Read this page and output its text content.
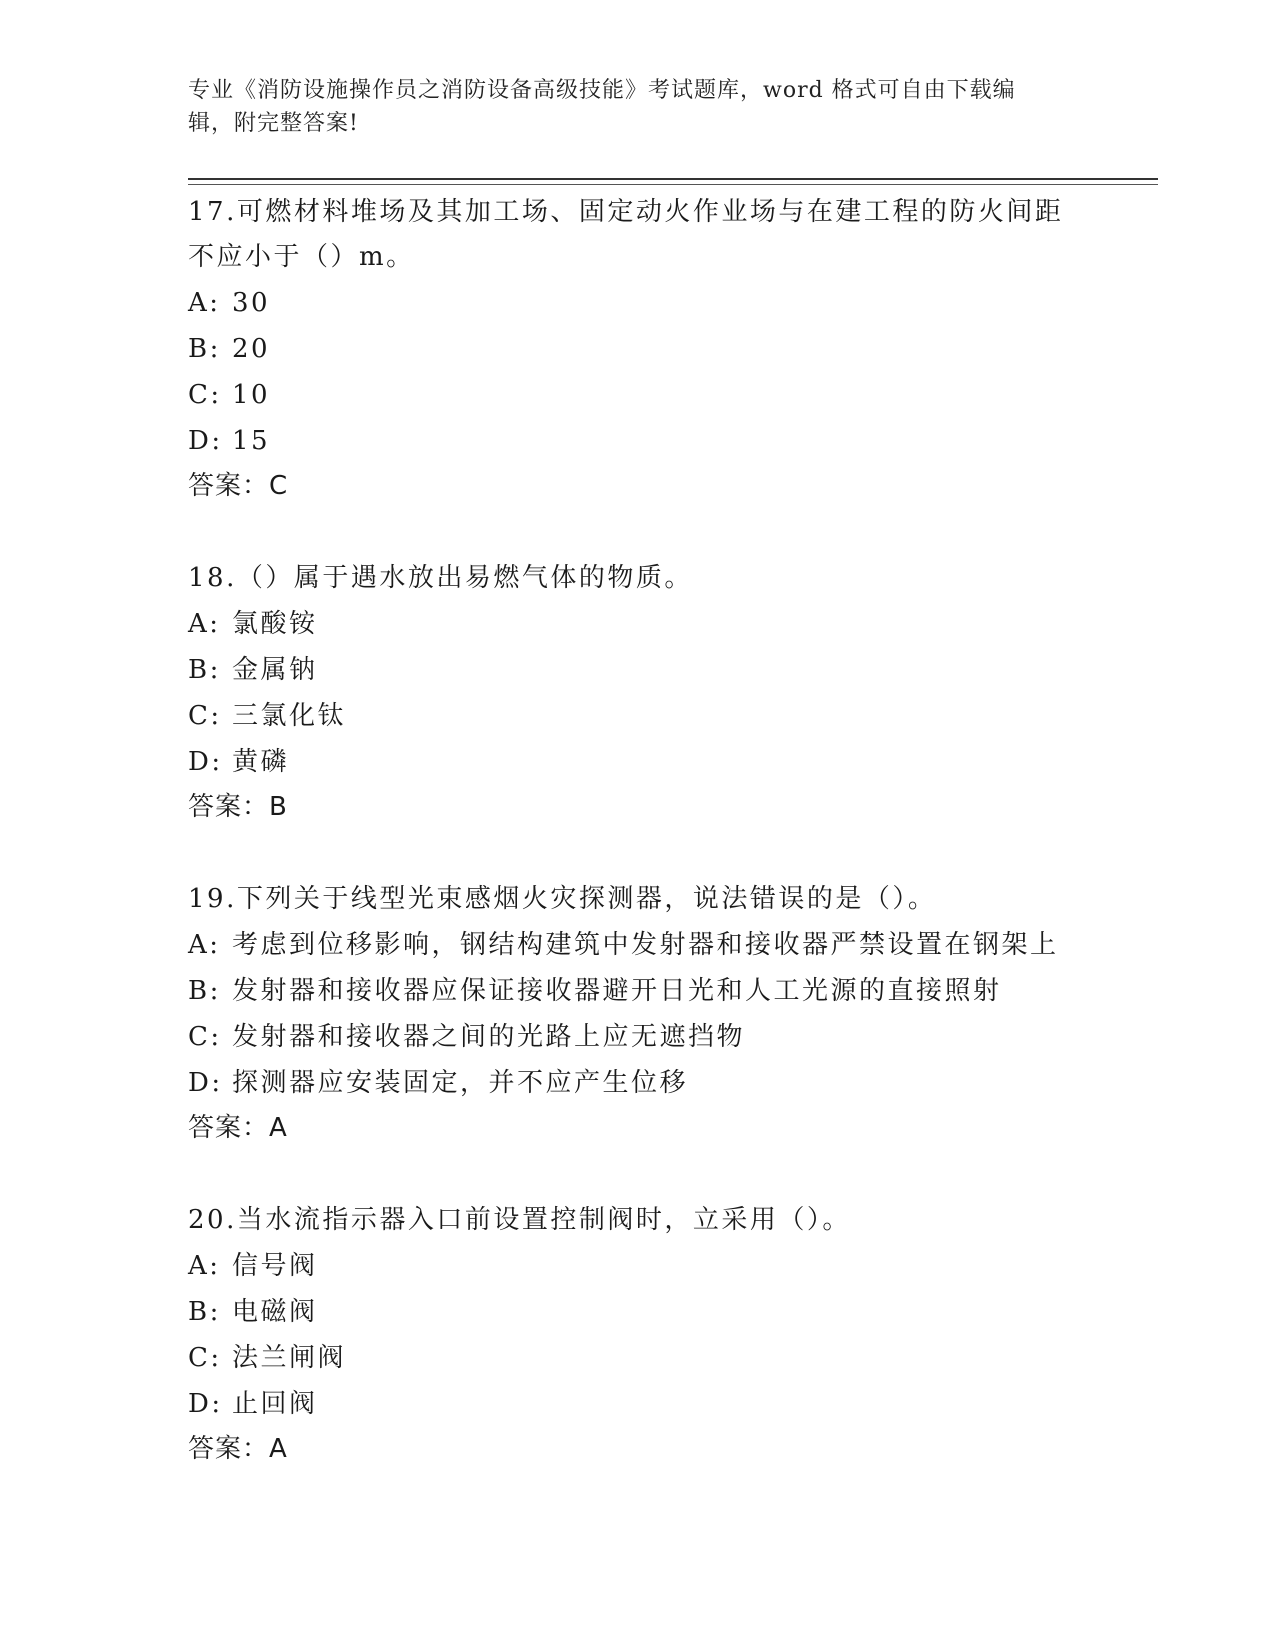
专业《消防设施操作员之消防设备高级技能》考试题库，word 格式可自由下载编
辑，附完整答案!
17.可燃材料堆场及其加工场、固定动火作业场与在建工程的防火间距
不应小于（）m。
A: 30
B: 20
C: 10
D: 15
答案：C
18.（）属于遇水放出易燃气体的物质。
A: 氯酸铵
B: 金属钠
C: 三氯化钛
D: 黄磷
答案：B
19.下列关于线型光束感烟火灾探测器，说法错误的是（）。
A: 考虑到位移影响，钢结构建筑中发射器和接收器严禁设置在钢架上
B: 发射器和接收器应保证接收器避开日光和人工光源的直接照射
C: 发射器和接收器之间的光路上应无遮挡物
D: 探测器应安装固定，并不应产生位移
答案：A
20.当水流指示器入口前设置控制阀时，立采用（）。
A: 信号阀
B: 电磁阀
C: 法兰闸阀
D: 止回阀
答案：A
